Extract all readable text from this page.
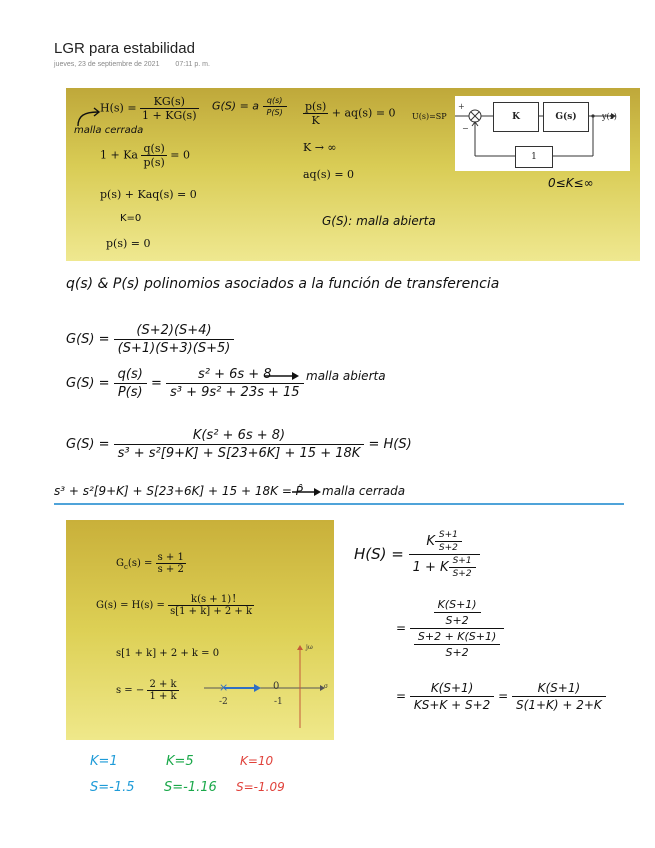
LGR para estabilidad
jueves, 23 de septiembre de 2021 07:11 p. m.
$H(s) = \frac{KG(s)}{1 + KG(s)}$
malla cerrada
1 + Ka $\frac{q(s)}{p(s)} = 0$
p(s) + Kaq(s) = 0
K=0
p(s) = 0
G(S) = a $\frac{q(s)}{P(S)} \frac{p(s)}{K} + aq(s) = 0$
K → ∞
aq(s) = 0
G(S): malla abierta
U(s)=SP
+
−
K	G(s)
1
y(s)
0≤K≤∞
q(s) & P(s) polinomios asociados a la función de transferencia
$G(S) = \frac{(S+2)(S+4)}{(S+1)(S+3)(S+5)}$
$G(S) = \frac{q(s)}{P(s)} = \frac{\text{s² + 6s + 8}}{\text{s³ + 9s² + 23s + 15}}$ malla abierta
$G(S) = \frac{\text{K(s² + 6s + 8)}}{\text{s³ + s²[9+K] + S[23+6K] + 15 + 18K}} = H(S)$
s³ + s²[9+K] + S[23+6K] + 15 + 18K = P̂ malla cerrada
$G_c(s) = \frac{s + 1}{s + 2}$
$G(s) = H(s) = \frac{k(s + 1)}{s[1 + k] + 2 + k}$
!
s[1 + k] + 2 + k = 0
s = − $\frac{2 + k}{1 + k}$
jω
σ
×	0
-2	-1
$H(S) = \frac{K \frac{S+1}{S+2}}{1 + K \frac{S+1}{S+2}}$
= $\frac{\frac{K(S+1)}{S+2}}{\frac{S+2 + K(S+1)}{S+2}}$
= $\frac{K(S+1)}{KS+K + S+2} = \frac{K(S+1)}{S(1+K) + 2+K}$
K=1	K=5	K=10
S=-1.5 S=-1.16 S=-1.09
